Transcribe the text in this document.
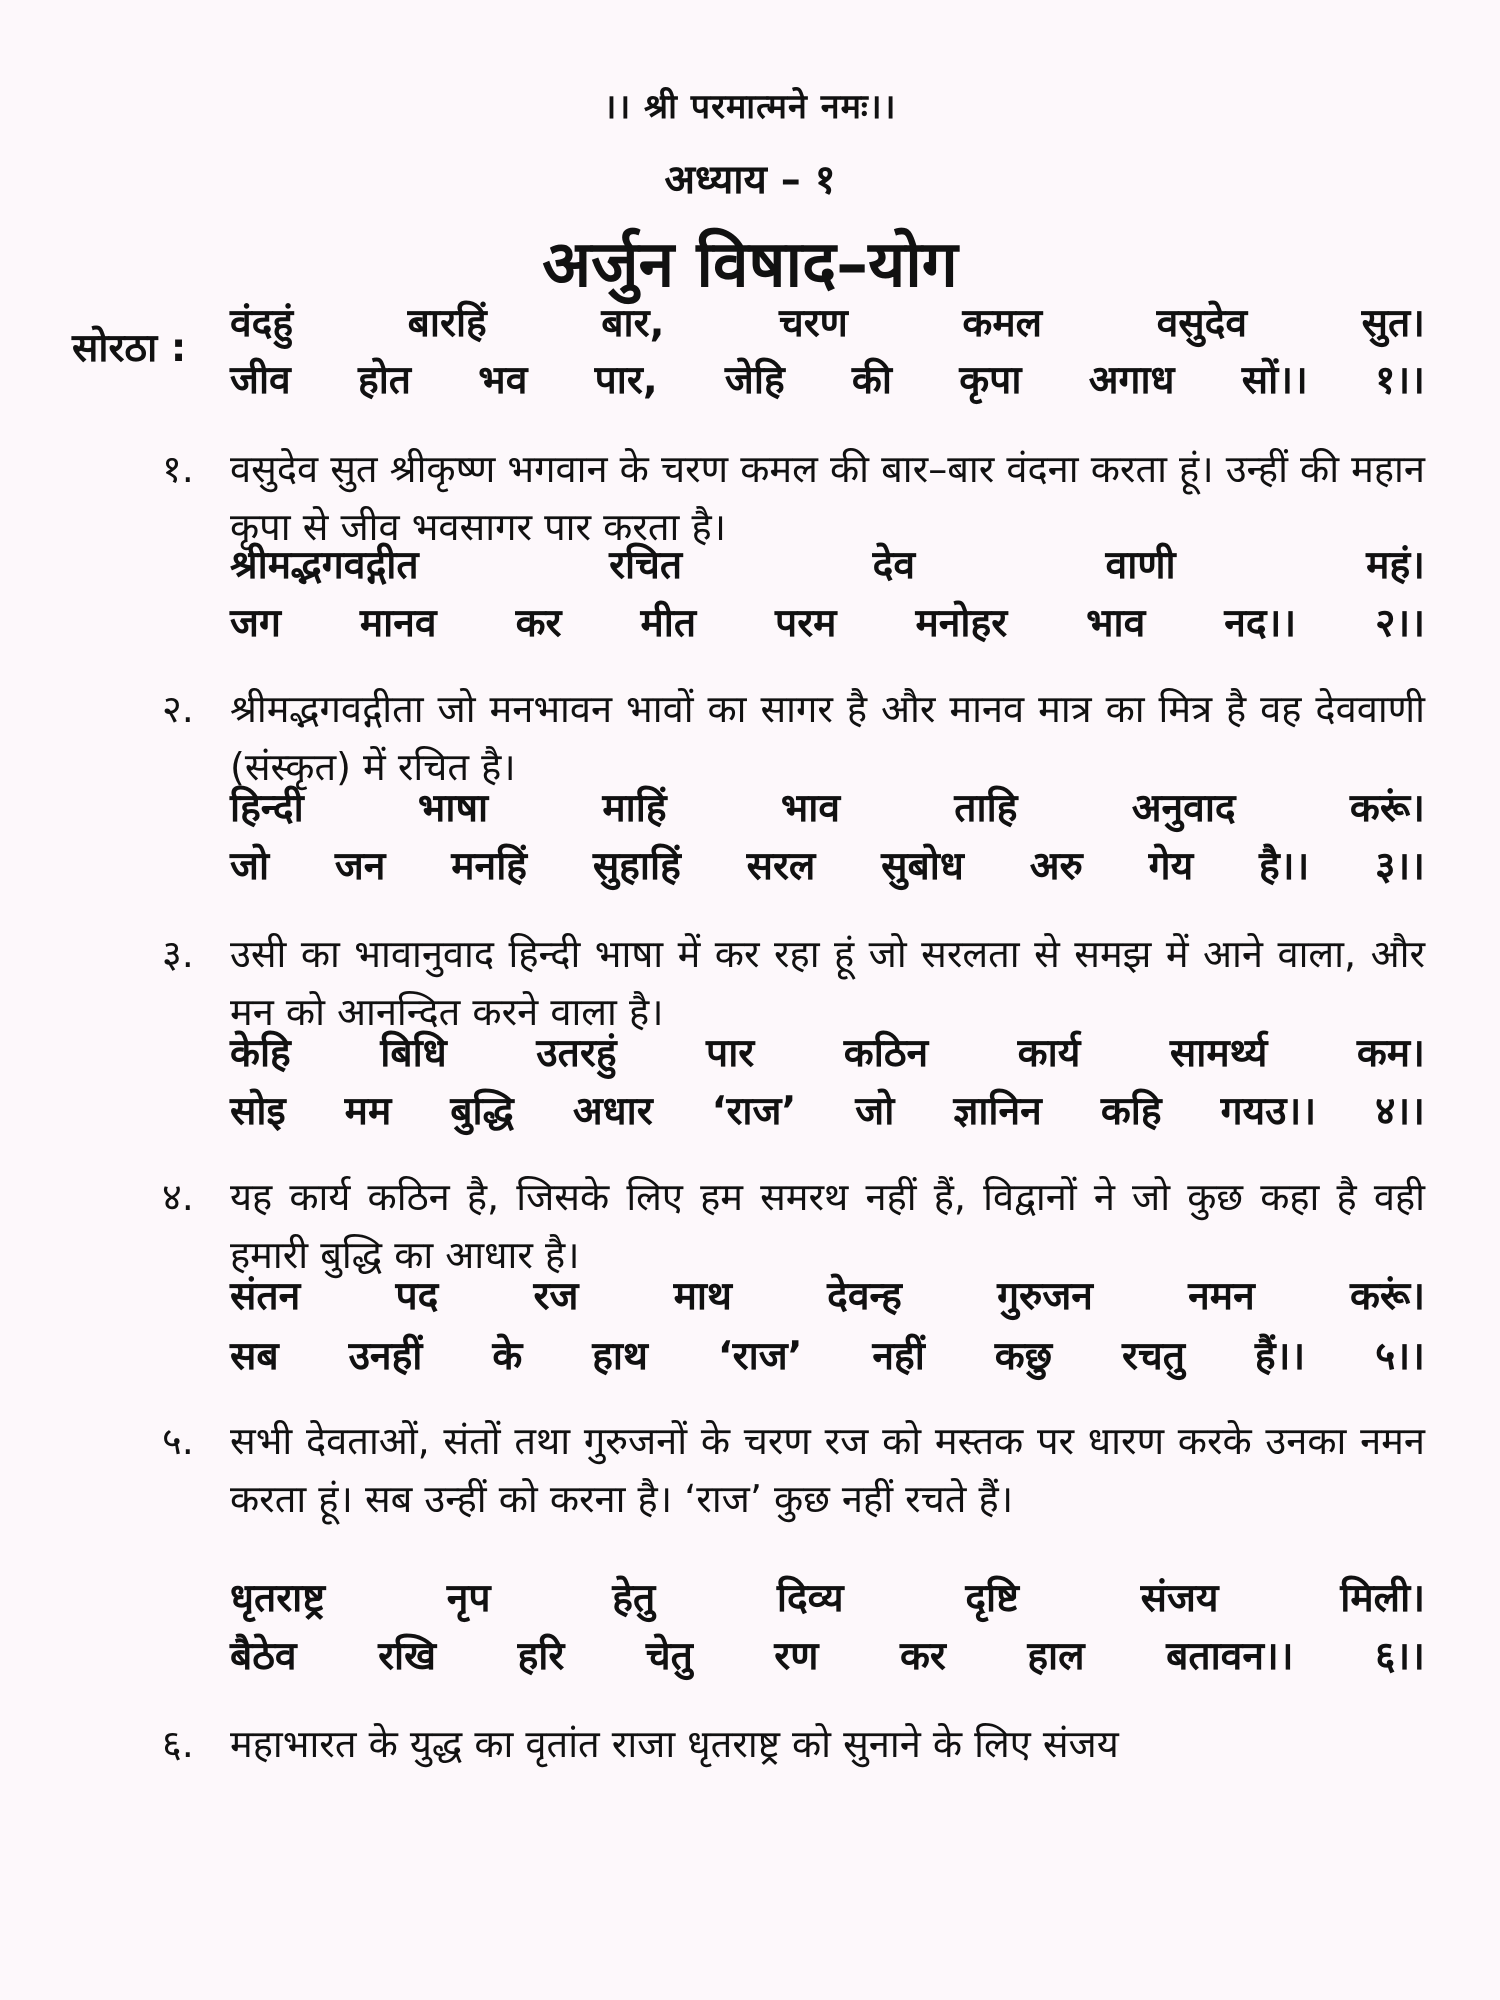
।। श्री परमात्मने नमः।।
अध्याय – १
अर्जुन विषाद–योग
सोरठा :
वंदहुं	बारहिं	बार,	चरण	कमल	वसुदेव	सुत।
जीव होत भव पार, जेहि की कृपा अगाध सों।। १।।
१. वसुदेव सुत श्रीकृष्ण भगवान के चरण कमल की बार–बार वंदना करता हूं। उन्हीं की महान कृपा से जीव भवसागर पार करता है।
श्रीमद्भगवद्गीत	रचित	देव	वाणी	महं।
जग मानव कर मीत परम मनोहर भाव नद।। २।।
२. श्रीमद्भगवद्गीता जो मनभावन भावों का सागर है और मानव मात्र का मित्र है वह देववाणी (संस्कृत) में रचित है।
हिन्दी	भाषा	माहिं	भाव	ताहि	अनुवाद	करूं।
जो जन मनहिं सुहाहिं सरल सुबोध अरु गेय है।। ३।।
३. उसी का भावानुवाद हिन्दी भाषा में कर रहा हूं जो सरलता से समझ में आने वाला, और मन को आनन्दित करने वाला है।
केहि बिधि उतरहुं पार कठिन कार्य सामर्थ्य कम।
सोइ मम बुद्धि अधार ‘राज’ जो ज्ञानिन कहि गयउ।। ४।।
४. यह कार्य कठिन है, जिसके लिए हम समरथ नहीं हैं, विद्वानों ने जो कुछ कहा है वही हमारी बुद्धि का आधार है।
संतन पद रज माथ देवन्ह गुरुजन नमन करूं।
सब उनहीं के हाथ ‘राज’ नहीं कछु रचतु हैं।। ५।।
५. सभी देवताओं, संतों तथा गुरुजनों के चरण रज को मस्तक पर धारण करके उनका नमन करता हूं। सब उन्हीं को करना है। ‘राज’ कुछ नहीं रचते हैं।
धृतराष्ट्र	नृप	हेतु	दिव्य	दृष्टि	संजय	मिली।
बैठेव रखि हरि चेतु रण कर हाल बतावन।। ६।।
६. महाभारत के युद्ध का वृतांत राजा धृतराष्ट्र को सुनाने के लिए संजय
